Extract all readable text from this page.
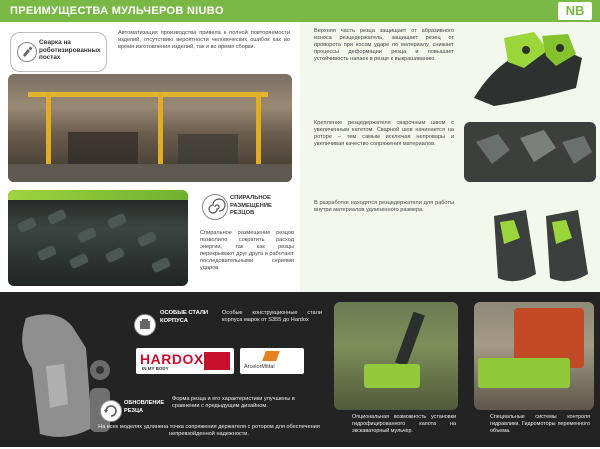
ПРЕИМУЩЕСТВА МУЛЬЧЕРОВ NIUBO	NB
Сварка на роботизированных постах
Автоматизация производства привела к полной повторяемости изделий, отсутствию вероятности человеческих ошибок как во время изготовления изделий, так и во время сборки.
СПИРАЛЬНОЕ РАЗМЕЩЕНИЕ РЕЗЦОВ
Спиральное размещение резцов позволило сократить расход энергии, так как резцы перекрывают друг друга и работают последовательными сериями ударов.
Верхняя часть резца защищает от абразивного износа резцедержатель, защищает резец от проворота при косом ударе по материалу, снижает процессы деформации резца и повышает устойчивость напаек в резце к выкрашиванию.
Крепление резцедержателя сварочным швом с увеличенным катетом. Сварной шов начинается на роторе – тем самым исключая непровары и увеличивая качество сопряжения материалов.
В разработке находятся резцедержатели для работы внутри материалов удлиненного размера.
ОСОБЫЕ СТАЛИ КОРПУСА
Особые конструкционные стали корпуса марок от S355 до Hardox
HARDOX
IN MY BODY	ArcelorMittal
ОБНОВЛЕНИЕ РЕЗЦА
Форма резца и его характеристики улучшены в сравнении с предыдущим дизайном.
На всех моделях удлинена точка сопряжения держателя с ротором для обеспечения непревзойденной надежности.
Опциональная возможность установки гидрофицированного капота на экскаваторный мульчер.
Специальные системы контроля гидравлики. Гидромоторы переменного объема.
